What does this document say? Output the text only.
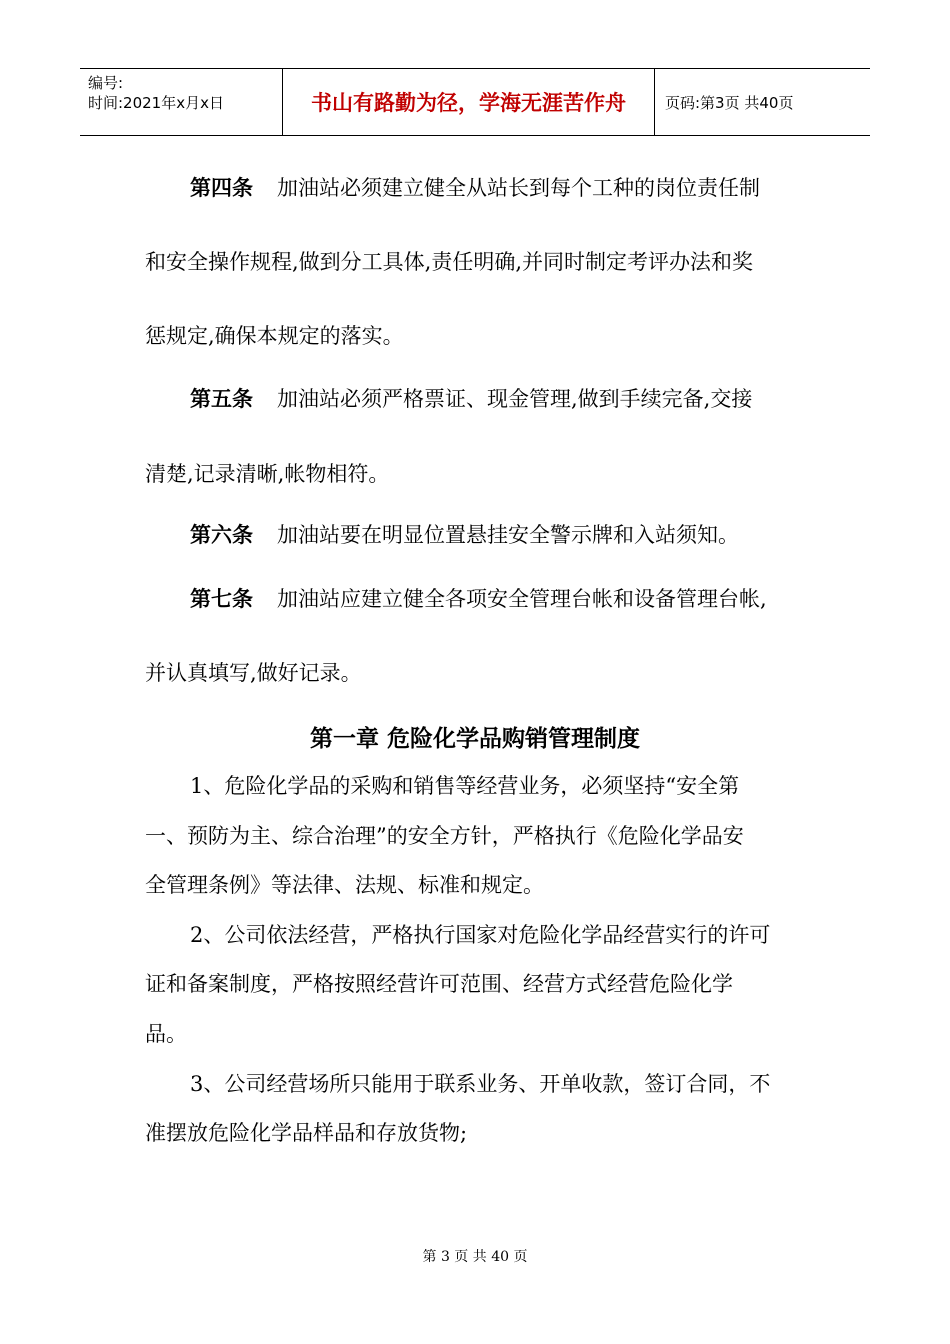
编号:
时间:2021年x月x日	书山有路勤为径，学海无涯苦作舟	页码:第3页 共40页
第四条 加油站必须建立健全从站长到每个工种的岗位责任制
和安全操作规程,做到分工具体,责任明确,并同时制定考评办法和奖
惩规定,确保本规定的落实。
第五条 加油站必须严格票证、现金管理,做到手续完备,交接
清楚,记录清晰,帐物相符。
第六条 加油站要在明显位置悬挂安全警示牌和入站须知。
第七条 加油站应建立健全各项安全管理台帐和设备管理台帐,
并认真填写,做好记录。
第一章 危险化学品购销管理制度
1、危险化学品的采购和销售等经营业务，必须坚持“安全第
一、预防为主、综合治理”的安全方针，严格执行《危险化学品安
全管理条例》等法律、法规、标准和规定。
2、公司依法经营，严格执行国家对危险化学品经营实行的许可
证和备案制度，严格按照经营许可范围、经营方式经营危险化学
品。
3、公司经营场所只能用于联系业务、开单收款，签订合同，不
准摆放危险化学品样品和存放货物;
第 3 页 共 40 页
